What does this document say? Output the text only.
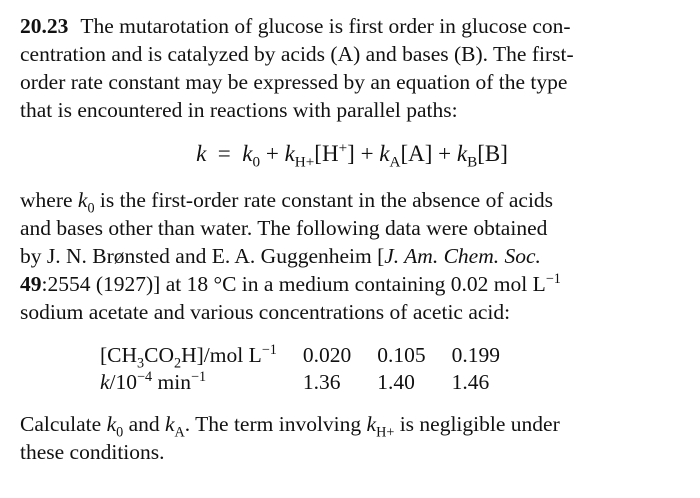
20.23 The mutarotation of glucose is first order in glucose con-
centration and is catalyzed by acids (A) and bases (B). The first-
order rate constant may be expressed by an equation of the type
that is encountered in reactions with parallel paths:

$k = k_0 + k_{H+}[H^+] + k_A[A] + k_B[B]$

where $k_0$ is the first-order rate constant in the absence of acids
and bases other than water. The following data were obtained
by J. N. Brønsted and E. A. Guggenheim [J. Am. Chem. Soc.
49:2554 (1927)] at 18 °C in a medium containing 0.02 mol $L^{-1}$
sodium acetate and various concentrations of acetic acid:

$[CH_3CO_2H]$/mol $L^{-1}$	0.020	0.105	0.199
$k/10^{-4}$ $\min^{-1}$	1.36	1.40	1.46

Calculate $k_0$ and $k_A$. The term involving $k_{H+}$ is negligible under
these conditions.
